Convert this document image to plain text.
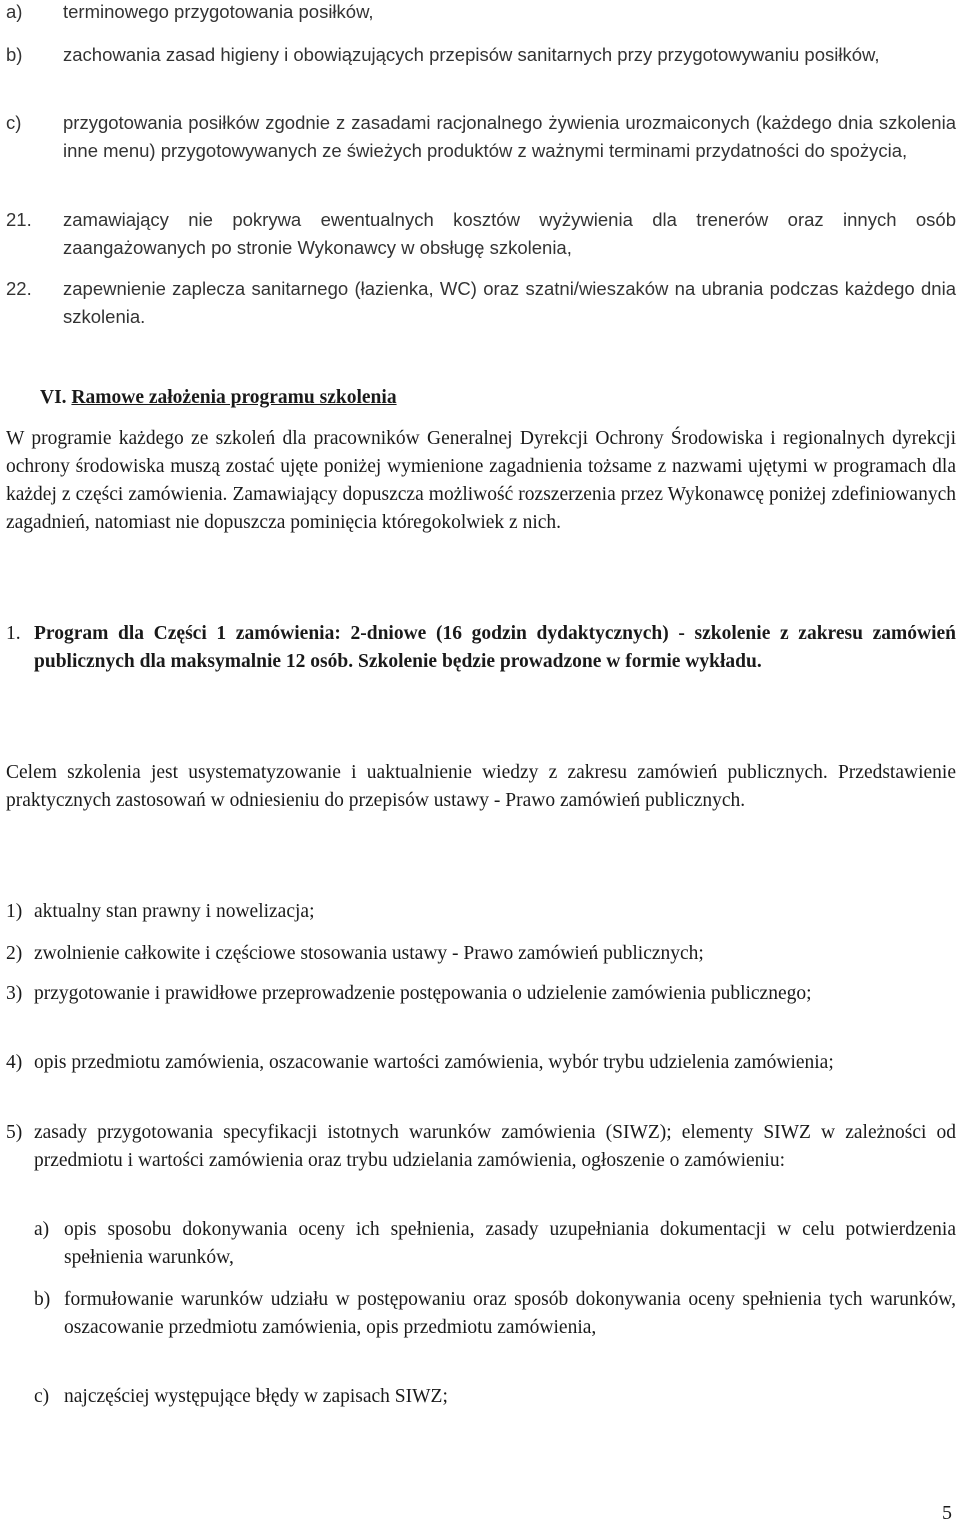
a) terminowego przygotowania posiłków,
b) zachowania zasad higieny i obowiązujących przepisów sanitarnych przy przygotowywaniu posiłków,
c) przygotowania posiłków zgodnie z zasadami racjonalnego żywienia urozmaiconych (każdego dnia szkolenia inne menu) przygotowywanych ze świeżych produktów z ważnymi terminami przydatności do spożycia,
21. zamawiający nie pokrywa ewentualnych kosztów wyżywienia dla trenerów oraz innych osób zaangażowanych po stronie Wykonawcy w obsługę szkolenia,
22. zapewnienie zaplecza sanitarnego (łazienka, WC) oraz szatni/wieszaków na ubrania podczas każdego dnia szkolenia.
VI. Ramowe założenia programu szkolenia
W programie każdego ze szkoleń dla pracowników Generalnej Dyrekcji Ochrony Środowiska i regionalnych dyrekcji ochrony środowiska muszą zostać ujęte poniżej wymienione zagadnienia tożsame z nazwami ujętymi w programach dla każdej z części zamówienia. Zamawiający dopuszcza możliwość rozszerzenia przez Wykonawcę poniżej zdefiniowanych zagadnień, natomiast nie dopuszcza pominięcia któregokolwiek z nich.
1. Program dla Części 1 zamówienia: 2-dniowe (16 godzin dydaktycznych) - szkolenie z zakresu zamówień publicznych dla maksymalnie 12 osób. Szkolenie będzie prowadzone w formie wykładu.
Celem szkolenia jest usystematyzowanie i uaktualnienie wiedzy z zakresu zamówień publicznych. Przedstawienie praktycznych zastosowań w odniesieniu do przepisów ustawy - Prawo zamówień publicznych.
1) aktualny stan prawny i nowelizacja;
2) zwolnienie całkowite i częściowe stosowania ustawy - Prawo zamówień publicznych;
3) przygotowanie i prawidłowe przeprowadzenie postępowania o udzielenie zamówienia publicznego;
4) opis przedmiotu zamówienia, oszacowanie wartości zamówienia, wybór trybu udzielenia zamówienia;
5) zasady przygotowania specyfikacji istotnych warunków zamówienia (SIWZ); elementy SIWZ w zależności od przedmiotu i wartości zamówienia oraz trybu udzielania zamówienia, ogłoszenie o zamówieniu:
a) opis sposobu dokonywania oceny ich spełnienia, zasady uzupełniania dokumentacji w celu potwierdzenia spełnienia warunków,
b) formułowanie warunków udziału w postępowaniu oraz sposób dokonywania oceny spełnienia tych warunków, oszacowanie przedmiotu zamówienia, opis przedmiotu zamówienia,
c) najczęściej występujące błędy w zapisach SIWZ;
5
